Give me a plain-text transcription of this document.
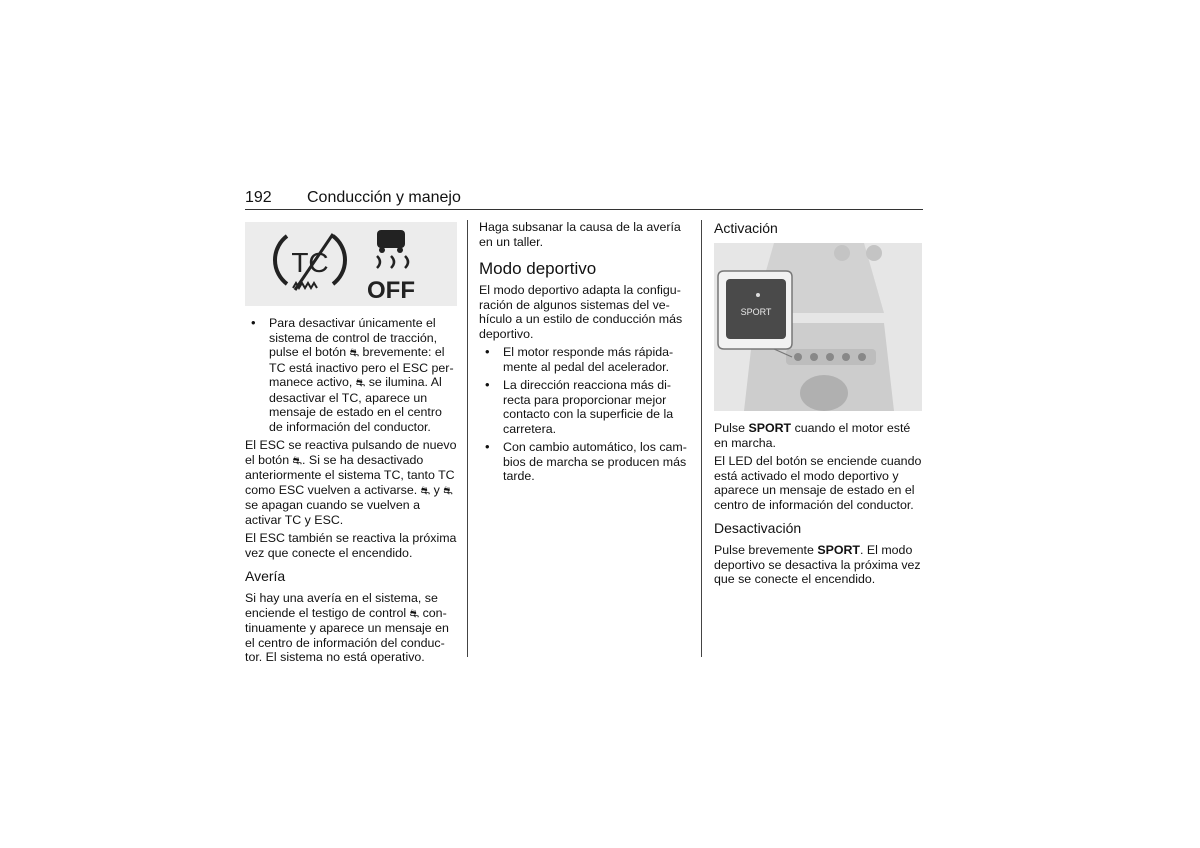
192 Conducción y manejo
TC
OFF
• Para desactivar únicamente el sistema de control de tracción, pulse el botón ⛐ brevemente: el TC está inactivo pero el ESC permanece activo, ⛐ se ilumina. Al desactivar el TC, aparece un mensaje de estado en el centro de información del conductor.

El ESC se reactiva pulsando de nuevo el botón ⛐. Si se ha desactivado anteriormente el sistema TC, tanto TC como ESC vuelven a activarse. ⛐ y ⛐ se apagan cuando se vuelven a activar TC y ESC.

El ESC también se reactiva la próxima vez que conecte el encendido.

Avería

Si hay una avería en el sistema, se enciende el testigo de control ⛐ continuamente y aparece un mensaje en el centro de información del conductor. El sistema no está operativo.

Haga subsanar la causa de la avería en un taller.

Modo deportivo

El modo deportivo adapta la configuración de algunos sistemas del vehículo a un estilo de conducción más deportivo.

• El motor responde más rápidamente al pedal del acelerador.
• La dirección reacciona más directa para proporcionar mejor contacto con la superficie de la carretera.
• Con cambio automático, los cambios de marcha se producen más tarde.
Activación
SPORT

Pulse SPORT cuando el motor esté en marcha.

El LED del botón se enciende cuando está activado el modo deportivo y aparece un mensaje de estado en el centro de información del conductor.

Desactivación

Pulse brevemente SPORT. El modo deportivo se desactiva la próxima vez que se conecte el encendido.
